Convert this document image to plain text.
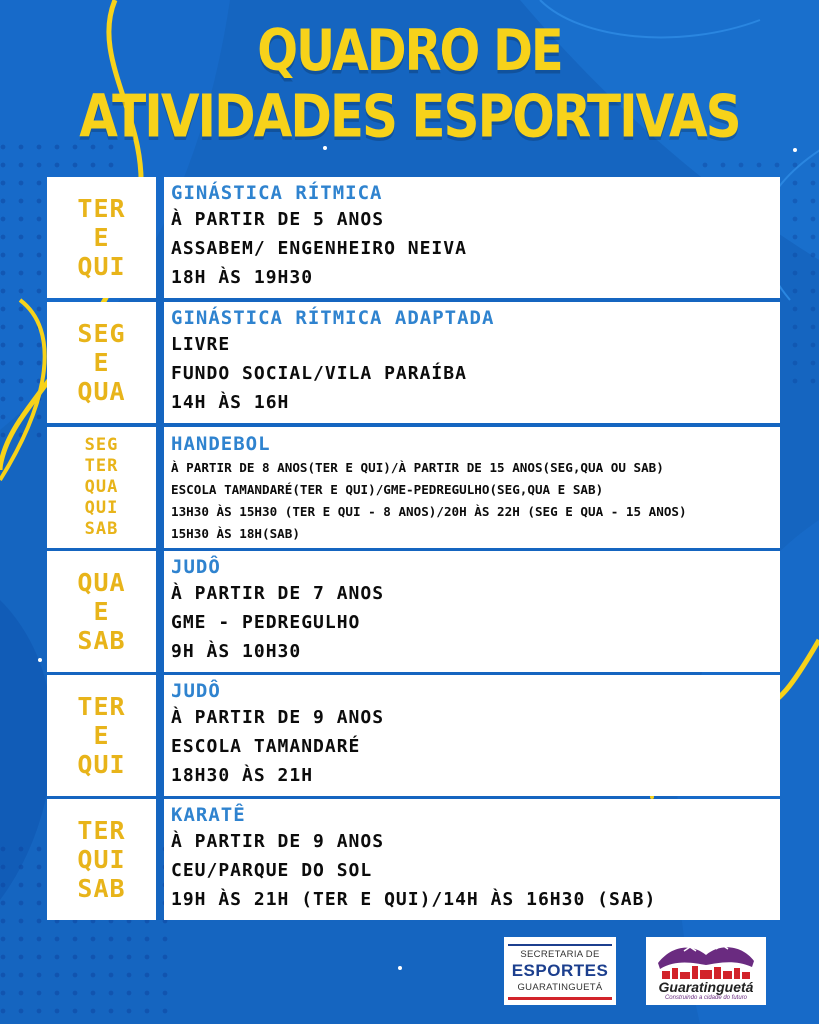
QUADRO DE
ATIVIDADES ESPORTIVAS
TER
E
QUI
GINÁSTICA RÍTMICA
À PARTIR DE 5 ANOS
ASSABEM/ ENGENHEIRO NEIVA
18H ÀS 19H30
SEG
E
QUA
GINÁSTICA RÍTMICA ADAPTADA
LIVRE
FUNDO SOCIAL/VILA PARAÍBA
14H ÀS 16H
SEG
TER
QUA
QUI
SAB
HANDEBOL
À PARTIR DE 8 ANOS(TER E QUI)/À PARTIR DE 15 ANOS(SEG,QUA OU SAB)
ESCOLA TAMANDARÉ(TER E QUI)/GME-PEDREGULHO(SEG,QUA E SAB)
13H30 ÀS 15H30 (TER E QUI - 8 ANOS)/20H ÀS 22H (SEG E QUA - 15 ANOS)
15H30 ÀS 18H(SAB)
QUA
E
SAB
JUDÔ
À PARTIR DE 7 ANOS
GME - PEDREGULHO
9H ÀS 10H30
TER
E
QUI
JUDÔ
À PARTIR DE 9 ANOS
ESCOLA TAMANDARÉ
18H30 ÀS 21H
TER
QUI
SAB
KARATÊ
À PARTIR DE 9 ANOS
CEU/PARQUE DO SOL
19H ÀS 21H (TER E QUI)/14H ÀS 16H30 (SAB)
SECRETARIA DE
ESPORTES
GUARATINGUETÁ	Guaratinguetá
Construindo a cidade do futuro
